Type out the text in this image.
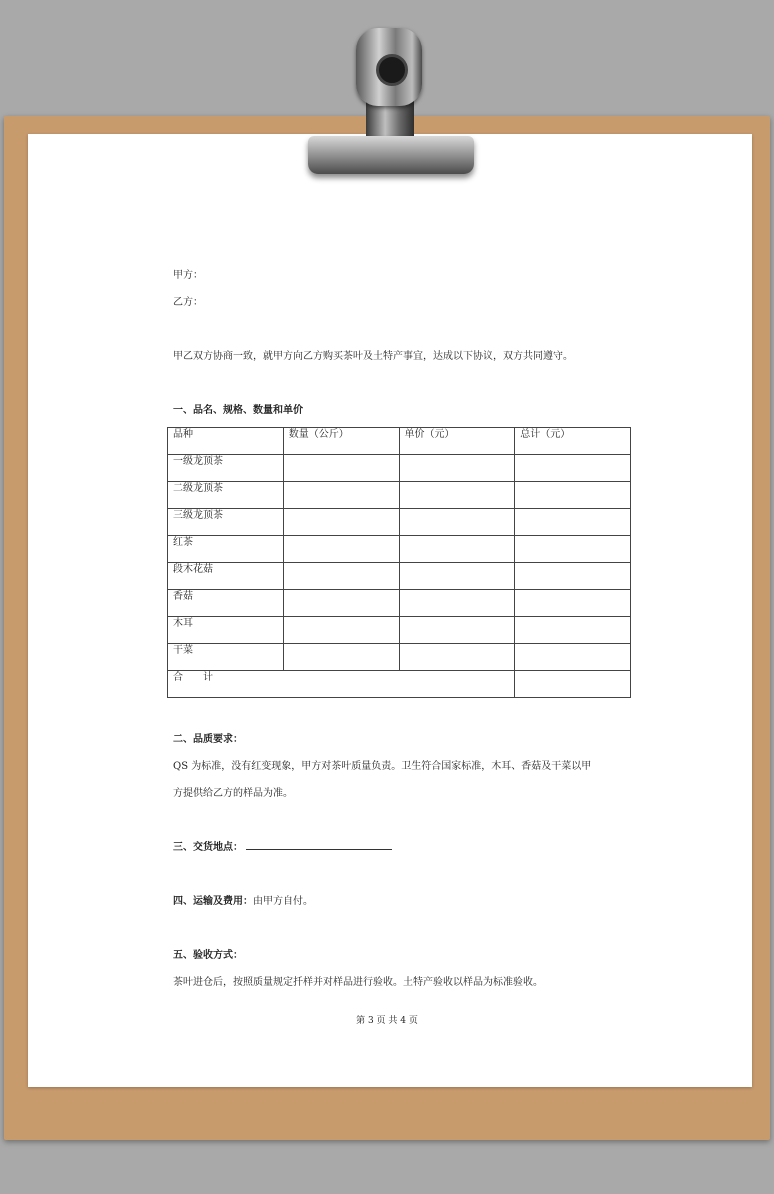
甲方：
乙方：
甲乙双方协商一致，就甲方向乙方购买茶叶及土特产事宜，达成以下协议，双方共同遵守。
一、品名、规格、数量和单价
品种	数量（公斤）	单价（元）	总计（元）
一级龙顶茶			
二级龙顶茶			
三级龙顶茶			
红茶			
段木花菇			
香菇			
木耳			
干菜			
合　　计			
二、品质要求：
QS 为标准，没有红变现象，甲方对茶叶质量负责。卫生符合国家标准，木耳、香菇及干菜以甲
方提供给乙方的样品为准。
三、交货地点：
四、运输及费用：由甲方自付。
五、验收方式：
茶叶进仓后，按照质量规定扦样并对样品进行验收。土特产验收以样品为标准验收。
第 3 页 共 4 页
